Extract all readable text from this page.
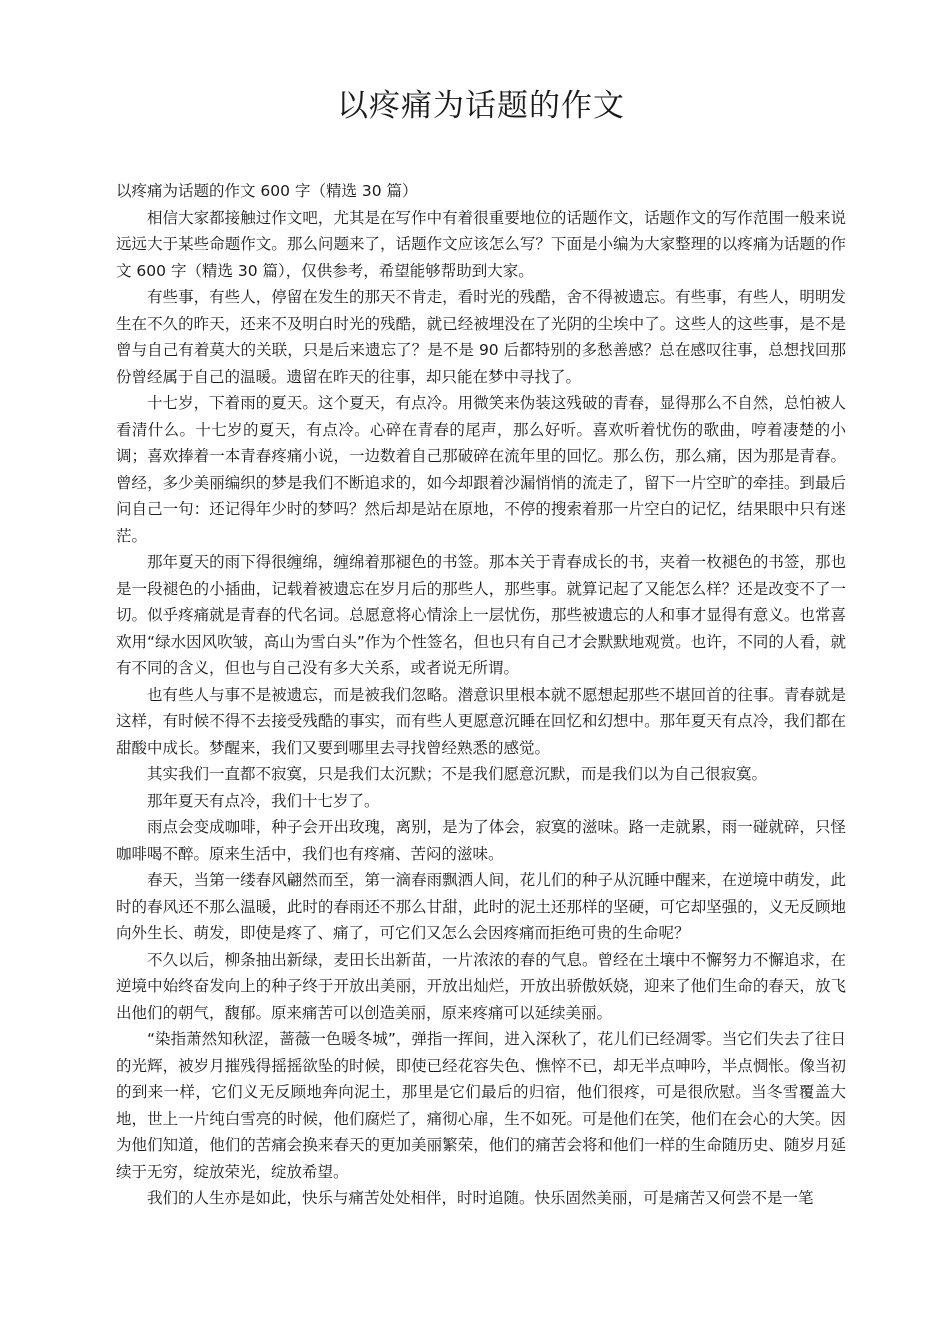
以疼痛为话题的作文

以疼痛为话题的作文 600 字（精选 30 篇）

相信大家都接触过作文吧，尤其是在写作中有着很重要地位的话题作文，话题作文的写作范围一般来说远远大于某些命题作文。那么问题来了，话题作文应该怎么写？下面是小编为大家整理的以疼痛为话题的作文 600 字（精选 30 篇），仅供参考，希望能够帮助到大家。

有些事，有些人，停留在发生的那天不肯走，看时光的残酷，舍不得被遗忘。有些事，有些人，明明发生在不久的昨天，还来不及明白时光的残酷，就已经被埋没在了光阴的尘埃中了。这些人的这些事，是不是曾与自己有着莫大的关联，只是后来遗忘了？是不是 90 后都特别的多愁善感？总在感叹往事，总想找回那份曾经属于自己的温暖。遗留在昨天的往事，却只能在梦中寻找了。

十七岁，下着雨的夏天。这个夏天，有点冷。用微笑来伪装这残破的青春，显得那么不自然，总怕被人看清什么。十七岁的夏天，有点冷。心碎在青春的尾声，那么好听。喜欢听着忧伤的歌曲，哼着凄楚的小调；喜欢捧着一本青春疼痛小说，一边数着自己那破碎在流年里的回忆。那么伤，那么痛，因为那是青春。曾经，多少美丽编织的梦是我们不断追求的，如今却跟着沙漏悄悄的流走了，留下一片空旷的牵挂。到最后问自己一句：还记得年少时的梦吗？然后却是站在原地，不停的搜索着那一片空白的记忆，结果眼中只有迷茫。

那年夏天的雨下得很缠绵，缠绵着那褪色的书签。那本关于青春成长的书，夹着一枚褪色的书签，那也是一段褪色的小插曲，记载着被遗忘在岁月后的那些人，那些事。就算记起了又能怎么样？还是改变不了一切。似乎疼痛就是青春的代名词。总愿意将心情涂上一层忧伤，那些被遗忘的人和事才显得有意义。也常喜欢用“绿水因风吹皱，高山为雪白头”作为个性签名，但也只有自己才会默默地观赏。也许，不同的人看，就有不同的含义，但也与自己没有多大关系，或者说无所谓。

也有些人与事不是被遗忘，而是被我们忽略。潜意识里根本就不愿想起那些不堪回首的往事。青春就是这样，有时候不得不去接受残酷的事实，而有些人更愿意沉睡在回忆和幻想中。那年夏天有点冷，我们都在甜酸中成长。梦醒来，我们又要到哪里去寻找曾经熟悉的感觉。

其实我们一直都不寂寞，只是我们太沉默；不是我们愿意沉默，而是我们以为自己很寂寞。

那年夏天有点冷，我们十七岁了。

雨点会变成咖啡，种子会开出玫瑰，离别，是为了体会，寂寞的滋味。路一走就累，雨一碰就碎，只怪咖啡喝不醉。原来生活中，我们也有疼痛、苦闷的滋味。

春天，当第一缕春风翩然而至，第一滴春雨飘洒人间，花儿们的种子从沉睡中醒来，在逆境中萌发，此时的春风还不那么温暖，此时的春雨还不那么甘甜，此时的泥土还那样的坚硬，可它却坚强的，义无反顾地向外生长、萌发，即使是疼了、痛了，可它们又怎么会因疼痛而拒绝可贵的生命呢？

不久以后，柳条抽出新绿，麦田长出新苗，一片浓浓的春的气息。曾经在土壤中不懈努力不懈追求，在逆境中始终奋发向上的种子终于开放出美丽，开放出灿烂，开放出骄傲妖娆，迎来了他们生命的春天，放飞出他们的朝气，馥郁。原来痛苦可以创造美丽，原来疼痛可以延续美丽。

“染指萧然知秋涩，蔷薇一色暖冬城”，弹指一挥间，进入深秋了，花儿们已经凋零。当它们失去了往日的光辉，被岁月摧残得摇摇欲坠的时候，即使已经花容失色、憔悴不已，却无半点呻吟，半点惆怅。像当初的到来一样，它们义无反顾地奔向泥土，那里是它们最后的归宿，他们很疼，可是很欣慰。当冬雪覆盖大地，世上一片纯白雪亮的时候，他们腐烂了，痛彻心扉，生不如死。可是他们在笑，他们在会心的大笑。因为他们知道，他们的苦痛会换来春天的更加美丽繁荣，他们的痛苦会将和他们一样的生命随历史、随岁月延续于无穷，绽放荣光，绽放希望。

我们的人生亦是如此，快乐与痛苦处处相伴，时时追随。快乐固然美丽，可是痛苦又何尝不是一笔
